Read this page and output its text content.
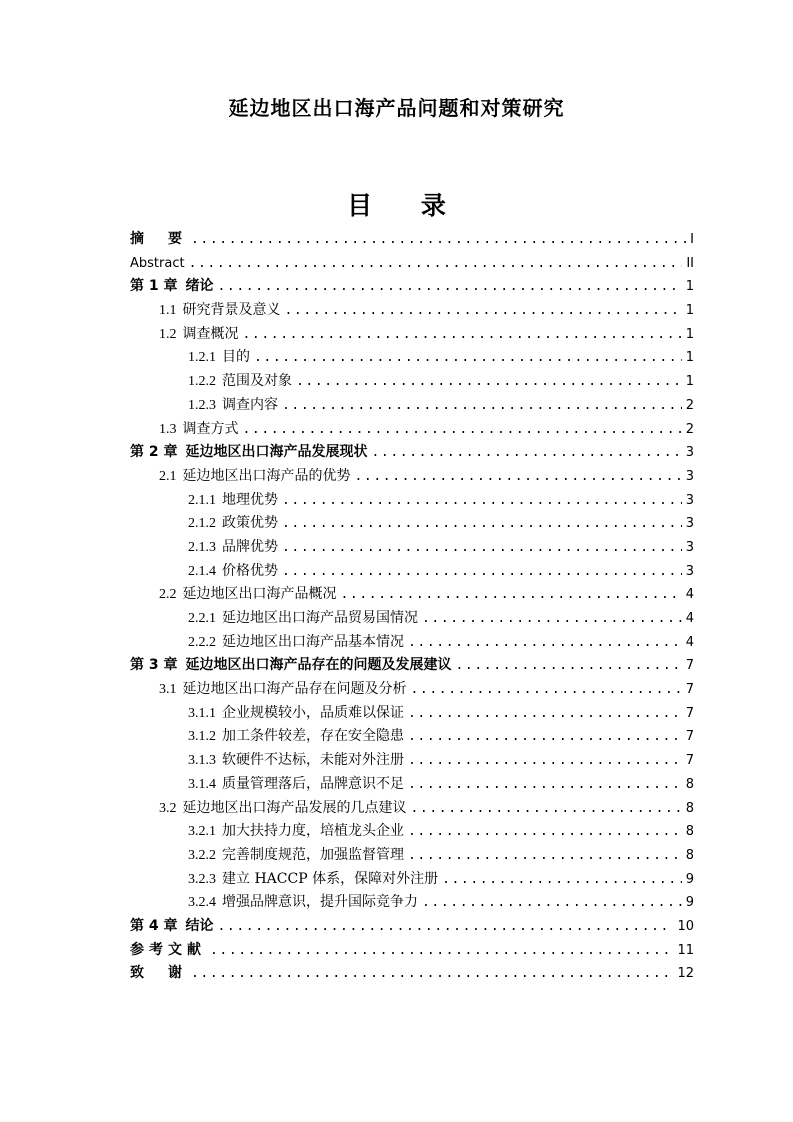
延边地区出口海产品问题和对策研究
目 录
摘　要 .....	I
Abstract .....	II
第 1 章 绪论 .....	1
1.1 研究背景及意义 .....	1
1.2 调查概况 .....	1
1.2.1 目的 .....	1
1.2.2 范围及对象 .....	1
1.2.3 调查内容 .....	2
1.3 调查方式 .....	2
第 2 章 延边地区出口海产品发展现状 .....	3
2.1 延边地区出口海产品的优势 .....	3
2.1.1 地理优势 .....	3
2.1.2 政策优势 .....	3
2.1.3 品牌优势 .....	3
2.1.4 价格优势 .....	3
2.2 延边地区出口海产品概况 .....	4
2.2.1 延边地区出口海产品贸易国情况 .....	4
2.2.2 延边地区出口海产品基本情况 .....	4
第 3 章 延边地区出口海产品存在的问题及发展建议 .....	7
3.1 延边地区出口海产品存在问题及分析 .....	7
3.1.1 企业规模较小，品质难以保证 .....	7
3.1.2 加工条件较差，存在安全隐患 .....	7
3.1.3 软硬件不达标，未能对外注册 .....	7
3.1.4 质量管理落后，品牌意识不足 .....	8
3.2 延边地区出口海产品发展的几点建议 .....	8
3.2.1 加大扶持力度，培植龙头企业 .....	8
3.2.2 完善制度规范，加强监督管理 .....	8
3.2.3 建立 HACCP 体系，保障对外注册 .....	9
3.2.4 增强品牌意识，提升国际竞争力 .....	9
第 4 章 结论 .....	10
参考文献 .....	11
致　谢 .....	12
